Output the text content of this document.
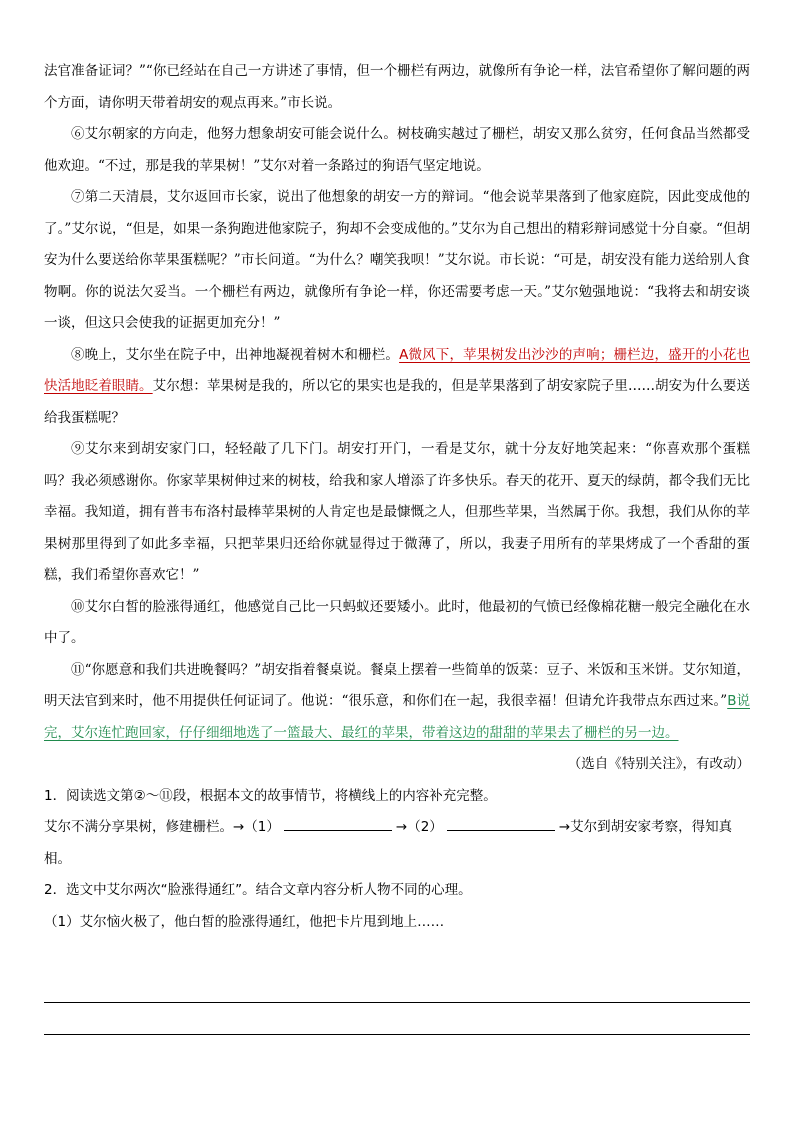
法官准备证词？”“你已经站在自己一方讲述了事情，但一个栅栏有两边，就像所有争论一样，法官希望你了解问题的两个方面，请你明天带着胡安的观点再来。”市长说。

⑥艾尔朝家的方向走，他努力想象胡安可能会说什么。树枝确实越过了栅栏，胡安又那么贫穷，任何食品当然都受他欢迎。“不过，那是我的苹果树！”艾尔对着一条路过的狗语气坚定地说。

⑦第二天清晨，艾尔返回市长家，说出了他想象的胡安一方的辩词。“他会说苹果落到了他家庭院，因此变成他的了。”艾尔说，“但是，如果一条狗跑进他家院子，狗却不会变成他的。”艾尔为自己想出的精彩辩词感觉十分自豪。“但胡安为什么要送给你苹果蛋糕呢？”市长问道。“为什么？嘲笑我呗！”艾尔说。市长说：“可是，胡安没有能力送给别人食物啊。你的说法欠妥当。一个栅栏有两边，就像所有争论一样，你还需要考虑一天。”艾尔勉强地说：“我将去和胡安谈一谈，但这只会使我的证据更加充分！”

⑧晚上，艾尔坐在院子中，出神地凝视着树木和栅栏。A微风下，苹果树发出沙沙的声响；栅栏边，盛开的小花也快活地眨着眼睛。艾尔想：苹果树是我的，所以它的果实也是我的，但是苹果落到了胡安家院子里……胡安为什么要送给我蛋糕呢？

⑨艾尔来到胡安家门口，轻轻敲了几下门。胡安打开门，一看是艾尔，就十分友好地笑起来：“你喜欢那个蛋糕吗？我必须感谢你。你家苹果树伸过来的树枝，给我和家人增添了许多快乐。春天的花开、夏天的绿荫，都令我们无比幸福。我知道，拥有普韦布洛村最棒苹果树的人肯定也是最慷慨之人，但那些苹果，当然属于你。我想，我们从你的苹果树那里得到了如此多幸福，只把苹果归还给你就显得过于微薄了，所以，我妻子用所有的苹果烤成了一个香甜的蛋糕，我们希望你喜欢它！”

⑩艾尔白皙的脸涨得通红，他感觉自己比一只蚂蚁还要矮小。此时，他最初的气愤已经像棉花糖一般完全融化在水中了。

⑪“你愿意和我们共进晚餐吗？”胡安指着餐桌说。餐桌上摆着一些简单的饭菜：豆子、米饭和玉米饼。艾尔知道，明天法官到来时，他不用提供任何证词了。他说：“很乐意，和你们在一起，我很幸福！但请允许我带点东西过来。”B说完，艾尔连忙跑回家，仔仔细细地选了一篮最大、最红的苹果，带着这边的甜甜的苹果去了栅栏的另一边。

（选自《特别关注》，有改动）

1．阅读选文第②～⑪段，根据本文的故事情节，将横线上的内容补充完整。

艾尔不满分享果树，修建栅栏。→（1）	→（2）	→艾尔到胡安家考察，得知真相。

2．选文中艾尔两次“脸涨得通红”。结合文章内容分析人物不同的心理。

（1）艾尔恼火极了，他白皙的脸涨得通红，他把卡片甩到地上……
